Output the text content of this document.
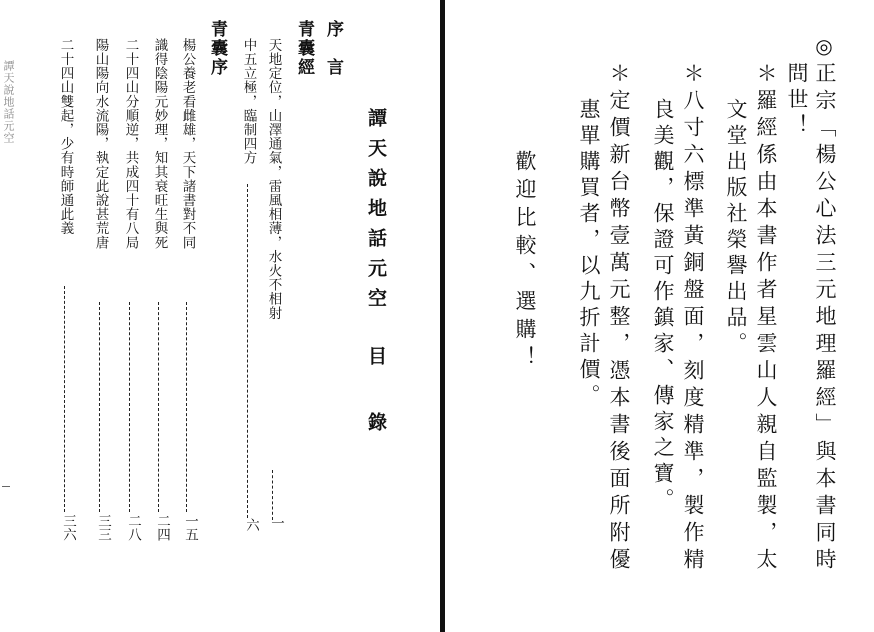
譚天說地話元空
譚天說地話元空
目
錄
序　言
青囊經
天地定位，山澤通氣，雷風相薄，水火不相射
一
中五立極，臨制四方
六
青囊序
楊公養老看雌雄，天下諸書對不同
一五
識得陰陽元妙理，知其衰旺生與死
二四
二十四山分順逆，共成四十有八局
二八
陽山陽向水流陽，執定此說甚荒唐
三三
二十四山雙起，少有時師通此義
三六
◎
正宗「楊公心法三元地理羅經」與本書同時
問世！
＊羅經係由本書作者星雲山人親自監製，太
文堂出版社榮譽出品。
＊八寸六標準黃銅盤面，刻度精準，製作精
良美觀，保證可作鎮家、傳家之寶。
＊定價新台幣壹萬元整，憑本書後面所附優
惠單購買者，以九折計價。
歡迎比較、選購！
